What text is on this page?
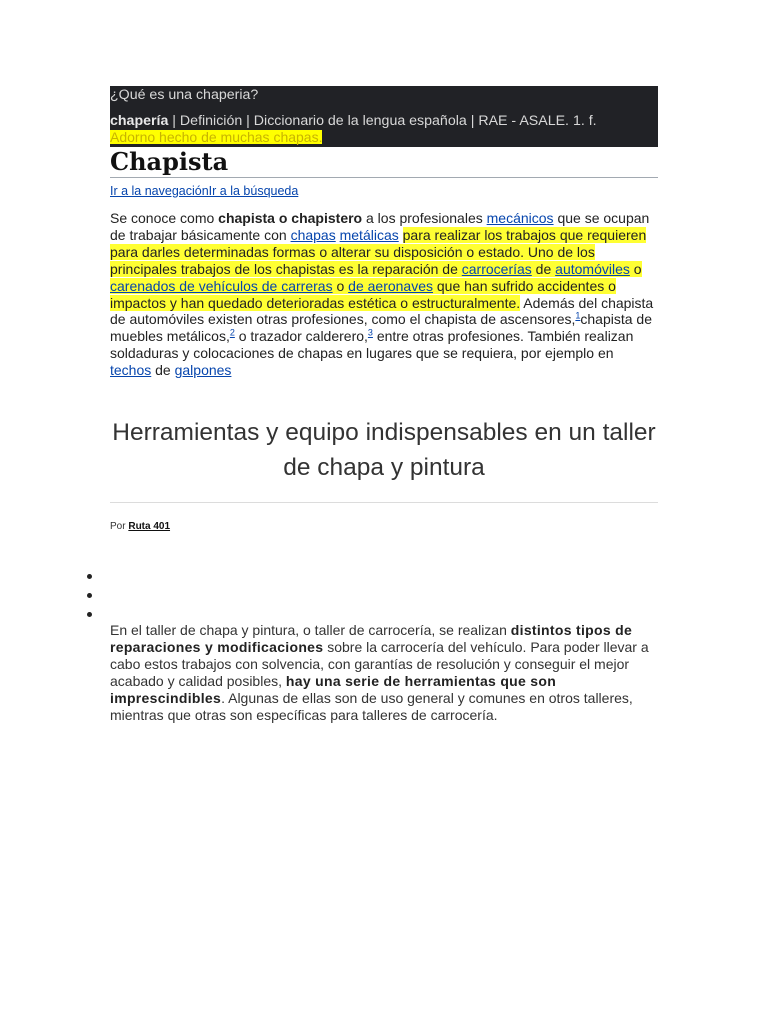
¿Qué es una chaperia?
chapería | Definición | Diccionario de la lengua española | RAE - ASALE. 1. f.
Adorno hecho de muchas chapas.
Chapista
Ir a la navegaciónIr a la búsqueda

Se conoce como chapista o chapistero a los profesionales mecánicos que se ocupan de trabajar básicamente con chapas metálicas para realizar los trabajos que requieren para darles determinadas formas o alterar su disposición o estado. Uno de los principales trabajos de los chapistas es la reparación de carrocerías de automóviles o carenados de vehículos de carreras o de aeronaves que han sufrido accidentes o impactos y han quedado deterioradas estética o estructuralmente. Además del chapista de automóviles existen otras profesiones, como el chapista de ascensores,$^1$chapista de muebles metálicos,$^2$ o trazador calderero,$^3$ entre otras profesiones. También realizan soldaduras y colocaciones de chapas en lugares que se requiera, por ejemplo en techos de galpones

Herramientas y equipo indispensables en un taller de chapa y pintura
Por Ruta 401

En el taller de chapa y pintura, o taller de carrocería, se realizan distintos tipos de reparaciones y modificaciones sobre la carrocería del vehículo. Para poder llevar a cabo estos trabajos con solvencia, con garantías de resolución y conseguir el mejor acabado y calidad posibles, hay una serie de herramientas que son imprescindibles. Algunas de ellas son de uso general y comunes en otros talleres, mientras que otras son específicas para talleres de carrocería.
